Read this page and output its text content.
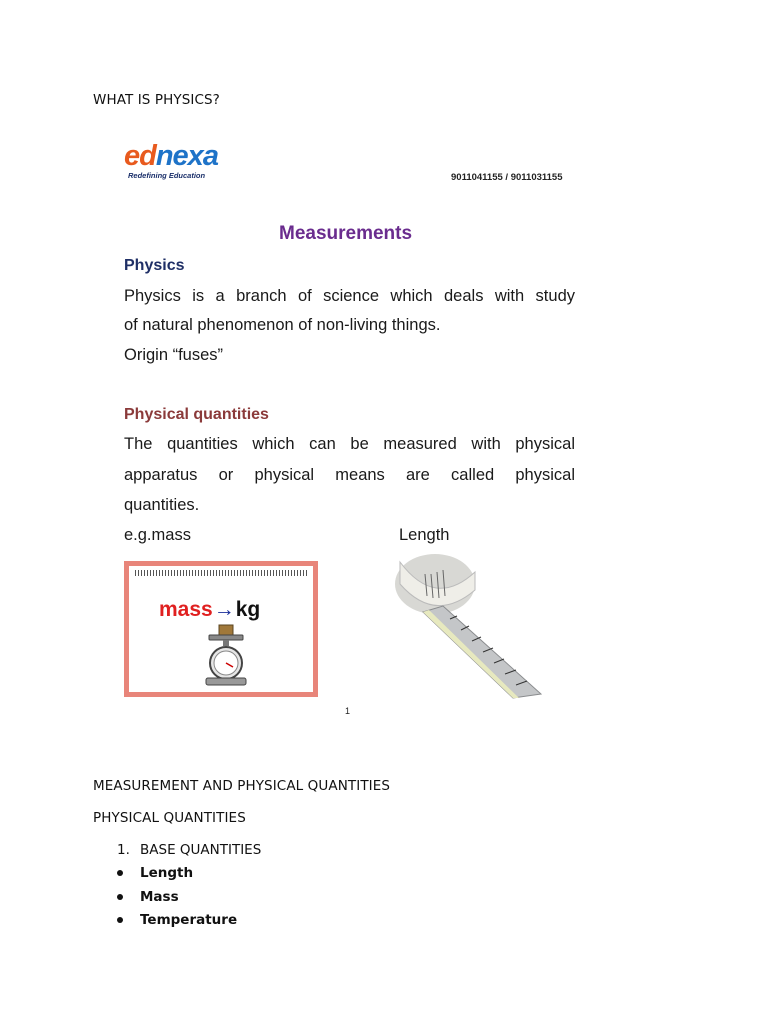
WHAT IS PHYSICS?
ednexa
Redefining Education	9011041155 / 9011031155
Measurements
Physics
Physics is a branch of science which deals with study
of natural phenomenon of non-living things.
Origin “fuses”
Physical quantities
The quantities which can be measured with physical
apparatus or physical means are called physical
quantities.
e.g.mass	Length
mass→kg
1
MEASUREMENT AND PHYSICAL QUANTITIES
PHYSICAL QUANTITIES
1. BASE QUANTITIES
Length
Mass
Temperature
